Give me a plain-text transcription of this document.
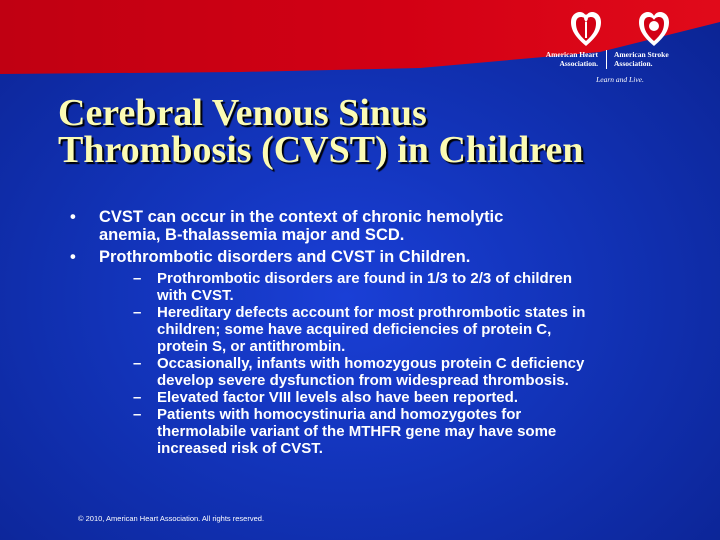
American Heart
Association.
American Stroke
Association.
Learn and Live.
Cerebral Venous Sinus
Thrombosis (CVST) in Children
• CVST can occur in the context of chronic hemolytic
anemia, B-thalassemia major and SCD.
• Prothrombotic disorders and CVST in Children.
– Prothrombotic disorders are found in 1/3 to 2/3 of children
with CVST.
– Hereditary defects account for most prothrombotic states in
children; some have acquired deficiencies of protein C,
protein S, or antithrombin.
– Occasionally, infants with homozygous protein C deficiency
develop severe dysfunction from widespread thrombosis.
– Elevated factor VIII levels also have been reported.
– Patients with homocystinuria and homozygotes for
thermolabile variant of the MTHFR gene may have some
increased risk of CVST.
© 2010, American Heart Association. All rights reserved.
